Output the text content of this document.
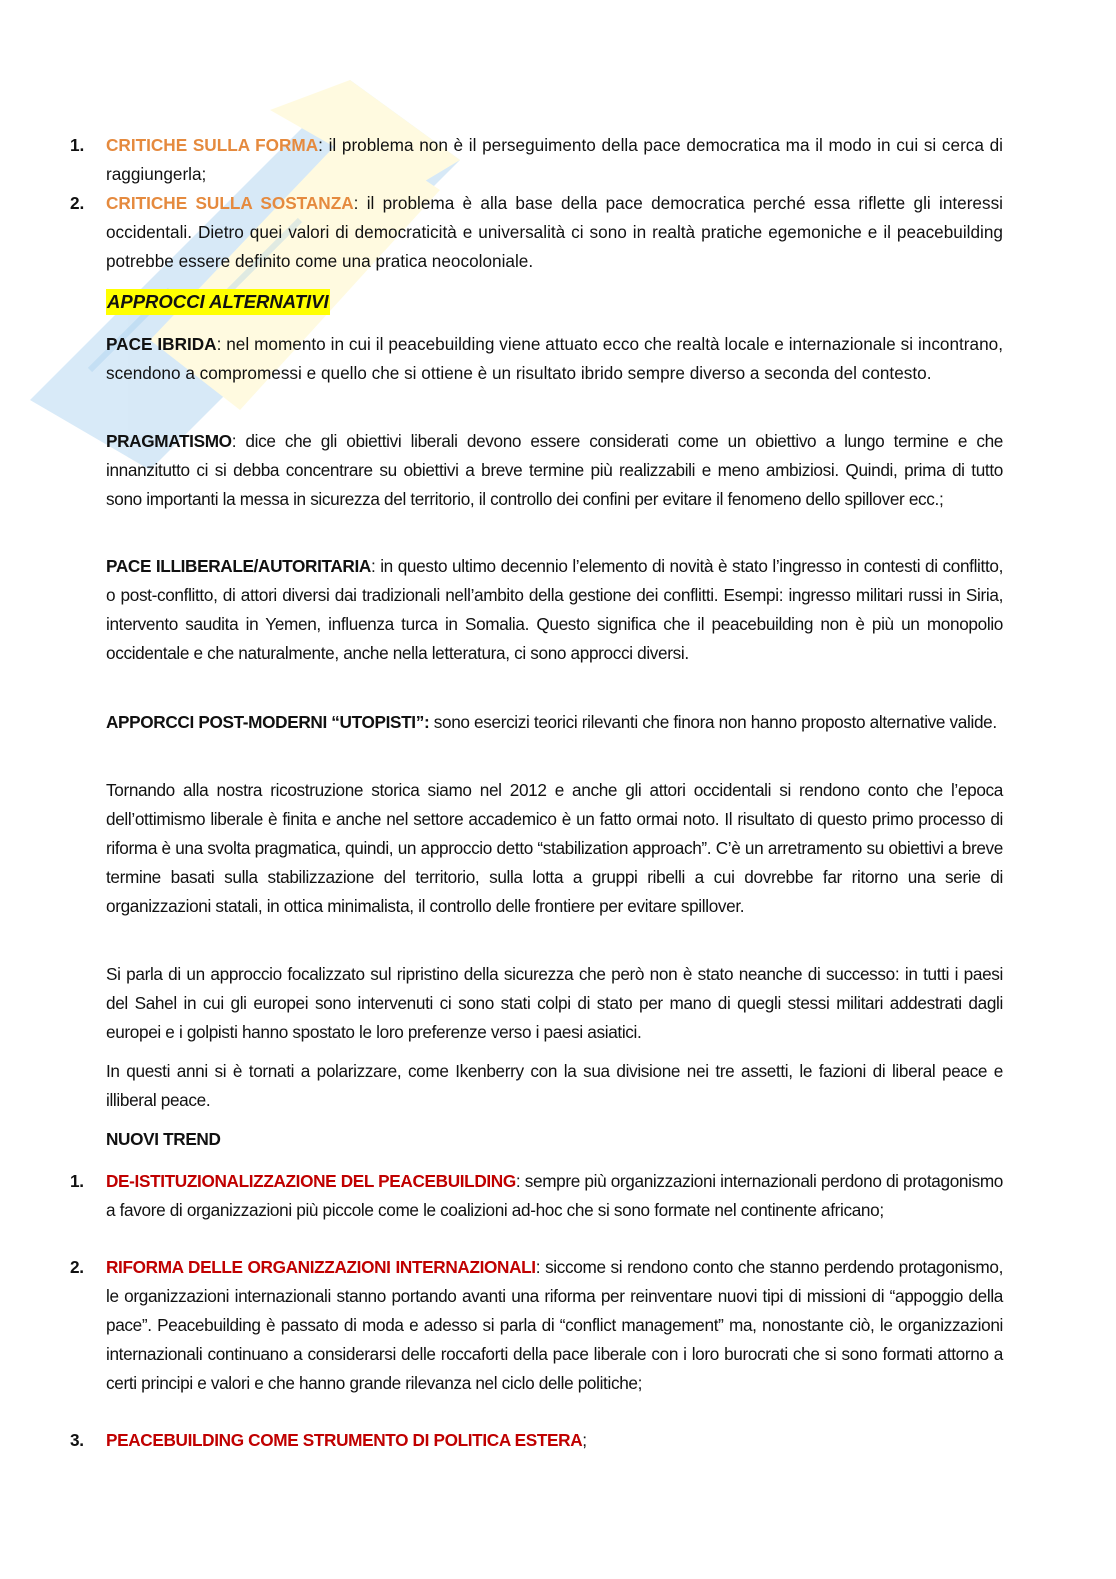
1. CRITICHE SULLA FORMA: il problema non è il perseguimento della pace democratica ma il modo in cui si cerca di raggiungerla;
2. CRITICHE SULLA SOSTANZA: il problema è alla base della pace democratica perché essa riflette gli interessi occidentali. Dietro quei valori di democraticità e universalità ci sono in realtà pratiche egemoniche e il peacebuilding potrebbe essere definito come una pratica neocoloniale.
APPROCCI ALTERNATIVI
PACE IBRIDA: nel momento in cui il peacebuilding viene attuato ecco che realtà locale e internazionale si incontrano, scendono a compromessi e quello che si ottiene è un risultato ibrido sempre diverso a seconda del contesto.
PRAGMATISMO: dice che gli obiettivi liberali devono essere considerati come un obiettivo a lungo termine e che innanzitutto ci si debba concentrare su obiettivi a breve termine più realizzabili e meno ambiziosi. Quindi, prima di tutto sono importanti la messa in sicurezza del territorio, il controllo dei confini per evitare il fenomeno dello spillover ecc.;
PACE ILLIBERALE/AUTORITARIA: in questo ultimo decennio l’elemento di novità è stato l’ingresso in contesti di conflitto, o post-conflitto, di attori diversi dai tradizionali nell’ambito della gestione dei conflitti. Esempi: ingresso militari russi in Siria, intervento saudita in Yemen, influenza turca in Somalia. Questo significa che il peacebuilding non è più un monopolio occidentale e che naturalmente, anche nella letteratura, ci sono approcci diversi.
APPORCCI POST-MODERNI “UTOPISTI”: sono esercizi teorici rilevanti che finora non hanno proposto alternative valide.
Tornando alla nostra ricostruzione storica siamo nel 2012 e anche gli attori occidentali si rendono conto che l’epoca dell’ottimismo liberale è finita e anche nel settore accademico è un fatto ormai noto. Il risultato di questo primo processo di riforma è una svolta pragmatica, quindi, un approccio detto “stabilization approach”. C’è un arretramento su obiettivi a breve termine basati sulla stabilizzazione del territorio, sulla lotta a gruppi ribelli a cui dovrebbe far ritorno una serie di organizzazioni statali, in ottica minimalista, il controllo delle frontiere per evitare spillover.
Si parla di un approccio focalizzato sul ripristino della sicurezza che però non è stato neanche di successo: in tutti i paesi del Sahel in cui gli europei sono intervenuti ci sono stati colpi di stato per mano di quegli stessi militari addestrati dagli europei e i golpisti hanno spostato le loro preferenze verso i paesi asiatici.
In questi anni si è tornati a polarizzare, come Ikenberry con la sua divisione nei tre assetti, le fazioni di liberal peace e illiberal peace.
NUOVI TREND
1. DE-ISTITUZIONALIZZAZIONE DEL PEACEBUILDING: sempre più organizzazioni internazionali perdono di protagonismo a favore di organizzazioni più piccole come le coalizioni ad-hoc che si sono formate nel continente africano;
2. RIFORMA DELLE ORGANIZZAZIONI INTERNAZIONALI: siccome si rendono conto che stanno perdendo protagonismo, le organizzazioni internazionali stanno portando avanti una riforma per reinventare nuovi tipi di missioni di “appoggio della pace”. Peacebuilding è passato di moda e adesso si parla di “conflict management” ma, nonostante ciò, le organizzazioni internazionali continuano a considerarsi delle roccaforti della pace liberale con i loro burocrati che si sono formati attorno a certi principi e valori e che hanno grande rilevanza nel ciclo delle politiche;
3. PEACEBUILDING COME STRUMENTO DI POLITICA ESTERA;
